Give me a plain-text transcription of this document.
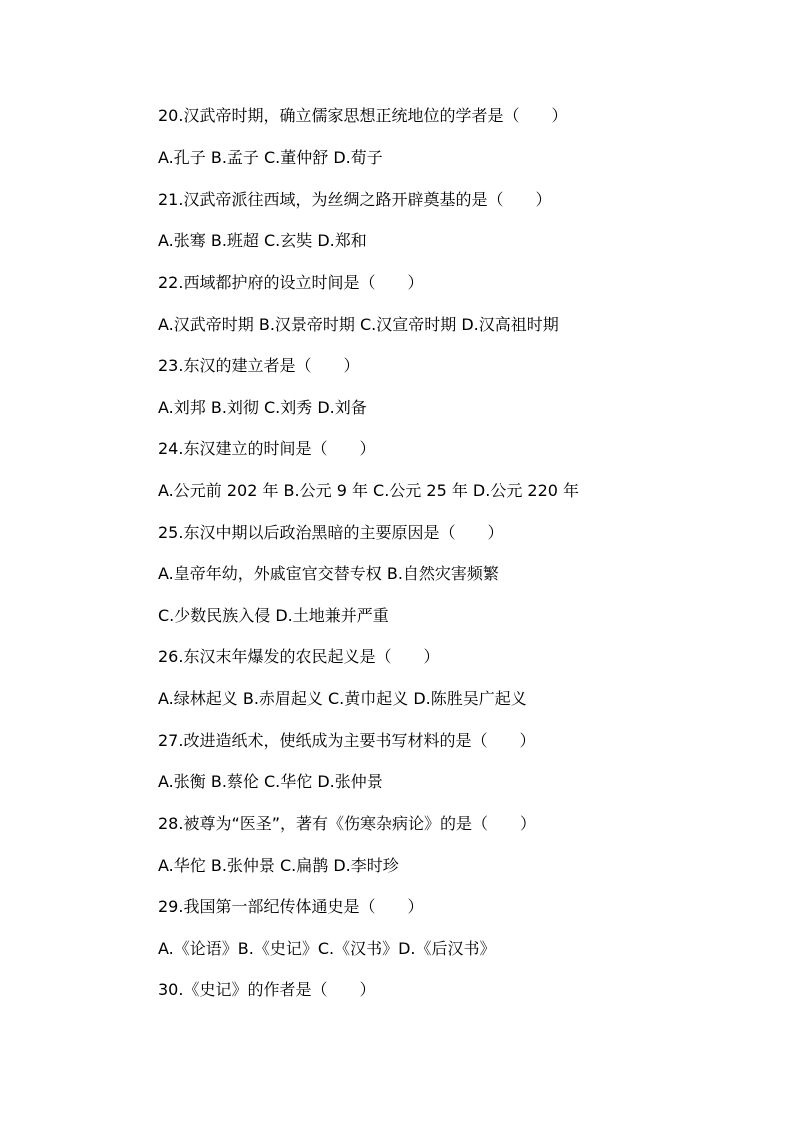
20.汉武帝时期，确立儒家思想正统地位的学者是（　　）
A.孔子 B.孟子 C.董仲舒 D.荀子
21.汉武帝派往西域，为丝绸之路开辟奠基的是（　　）
A.张骞 B.班超 C.玄奘 D.郑和
22.西域都护府的设立时间是（　　）
A.汉武帝时期 B.汉景帝时期 C.汉宣帝时期 D.汉高祖时期
23.东汉的建立者是（　　）
A.刘邦 B.刘彻 C.刘秀 D.刘备
24.东汉建立的时间是（　　）
A.公元前 202 年 B.公元 9 年 C.公元 25 年 D.公元 220 年
25.东汉中期以后政治黑暗的主要原因是（　　）
A.皇帝年幼，外戚宦官交替专权 B.自然灾害频繁
C.少数民族入侵 D.土地兼并严重
26.东汉末年爆发的农民起义是（　　）
A.绿林起义 B.赤眉起义 C.黄巾起义 D.陈胜吴广起义
27.改进造纸术，使纸成为主要书写材料的是（　　）
A.张衡 B.蔡伦 C.华佗 D.张仲景
28.被尊为“医圣”，著有《伤寒杂病论》的是（　　）
A.华佗 B.张仲景 C.扁鹊 D.李时珍
29.我国第一部纪传体通史是（　　）
A.《论语》B.《史记》C.《汉书》D.《后汉书》
30.《史记》的作者是（　　）
